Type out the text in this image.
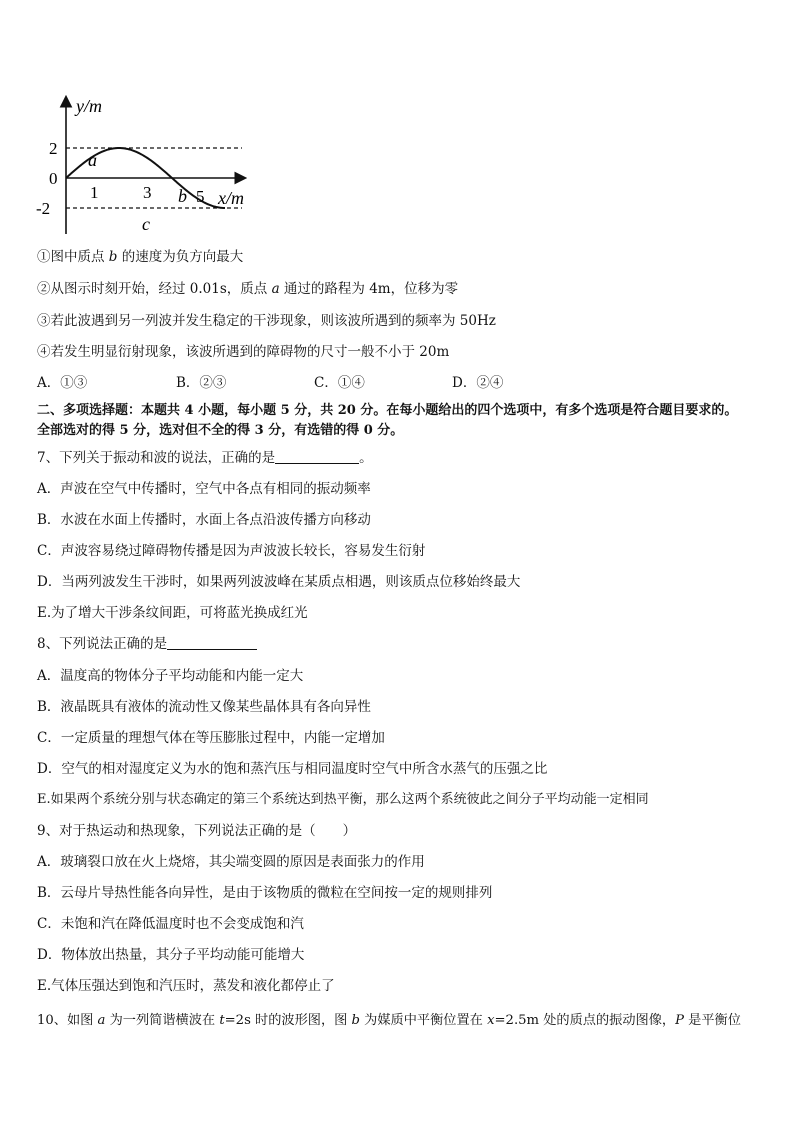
y/m
x/m
2
0
-2
1	3	5
a
b
c
①图中质点 b 的速度为负方向最大
②从图示时刻开始，经过 0.01s，质点 a 通过的路程为 4m，位移为零
③若此波遇到另一列波并发生稳定的干涉现象，则该波所遇到的频率为 50Hz
④若发生明显衍射现象，该波所遇到的障碍物的尺寸一般不小于 20m
A．①③	B．②③	C．①④	D．②④
二、多项选择题：本题共 4 小题，每小题 5 分，共 20 分。在每小题给出的四个选项中，有多个选项是符合题目要求的。
全部选对的得 5 分，选对但不全的得 3 分，有选错的得 0 分。
7、下列关于振动和波的说法，正确的是	。
A．声波在空气中传播时，空气中各点有相同的振动频率
B．水波在水面上传播时，水面上各点沿波传播方向移动
C．声波容易绕过障碍物传播是因为声波波长较长，容易发生衍射
D．当两列波发生干涉时，如果两列波波峰在某质点相遇，则该质点位移始终最大
E.为了增大干涉条纹间距，可将蓝光换成红光
8、下列说法正确的是
A．温度高的物体分子平均动能和内能一定大
B．液晶既具有液体的流动性又像某些晶体具有各向异性
C．一定质量的理想气体在等压膨胀过程中，内能一定增加
D．空气的相对湿度定义为水的饱和蒸汽压与相同温度时空气中所含水蒸气的压强之比
E.如果两个系统分别与状态确定的第三个系统达到热平衡，那么这两个系统彼此之间分子平均动能一定相同
9、对于热运动和热现象，下列说法正确的是（　　）
A．玻璃裂口放在火上烧熔，其尖端变圆的原因是表面张力的作用
B．云母片导热性能各向异性，是由于该物质的微粒在空间按一定的规则排列
C．未饱和汽在降低温度时也不会变成饱和汽
D．物体放出热量，其分子平均动能可能增大
E.气体压强达到饱和汽压时，蒸发和液化都停止了
10、如图 a 为一列简谐横波在 t=2s 时的波形图，图 b 为媒质中平衡位置在 x=2.5m 处的质点的振动图像，P 是平衡位
